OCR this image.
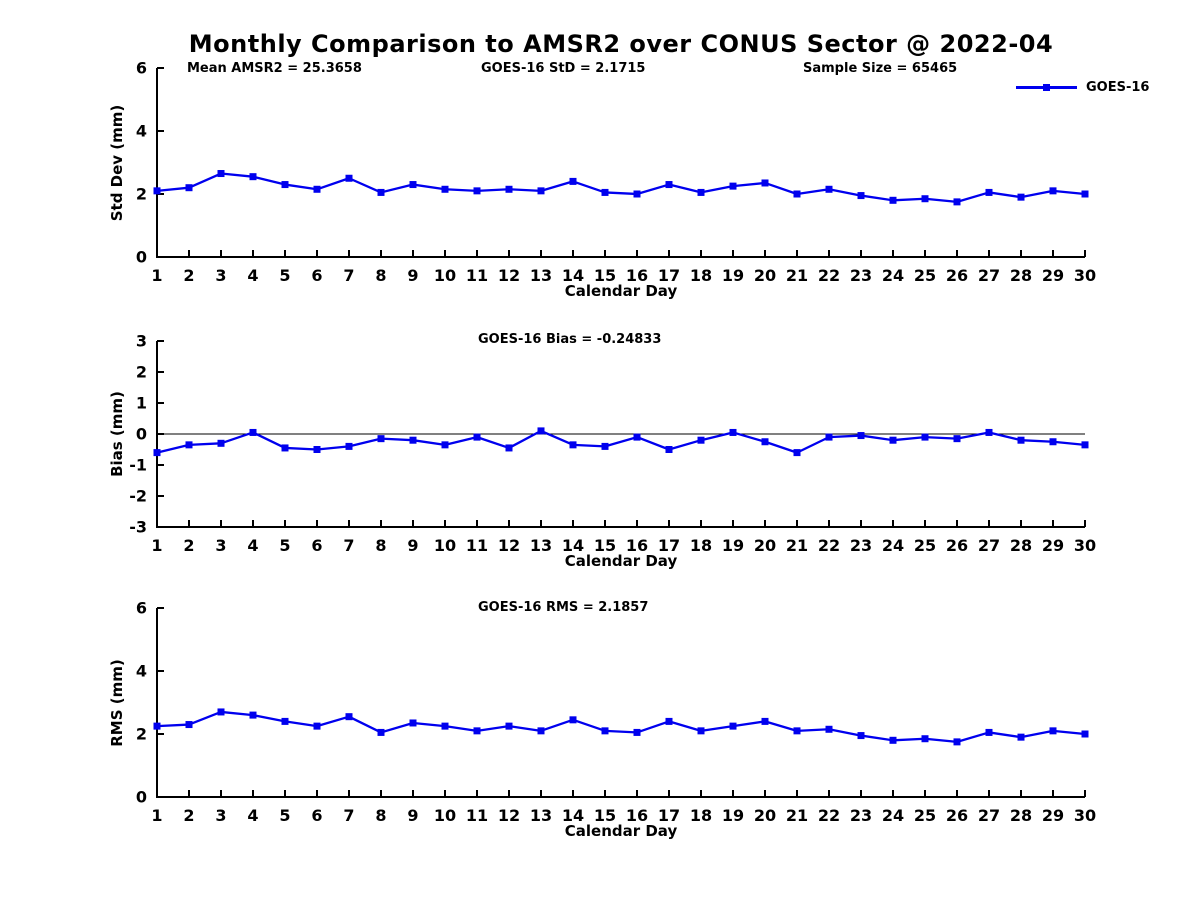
0
2
4
6
1 2 3 4 5 6 7 8 9 10 11 12 13 14 15 16 17 18 19 20 21 22 23 24 25 26 27 28 29 30
-3
-2
-1
0
1
2
3
1 2 3 4 5 6 7 8 9 10 11 12 13 14 15 16 17 18 19 20 21 22 23 24 25 26 27 28 29 30
0
2
4
6
1 2 3 4 5 6 7 8 9 10 11 12 13 14 15 16 17 18 19 20 21 22 23 24 25 26 27 28 29 30
Monthly Comparison to AMSR2 over CONUS Sector @ 2022-04
Mean AMSR2 = 25.3658	GOES-16 StD = 2.1715	Sample Size = 65465
GOES-16
Std Dev (mm)
Bias (mm)
RMS (mm)
GOES-16 Bias = -0.24833
GOES-16 RMS = 2.1857
Calendar Day
Calendar Day
Calendar Day
